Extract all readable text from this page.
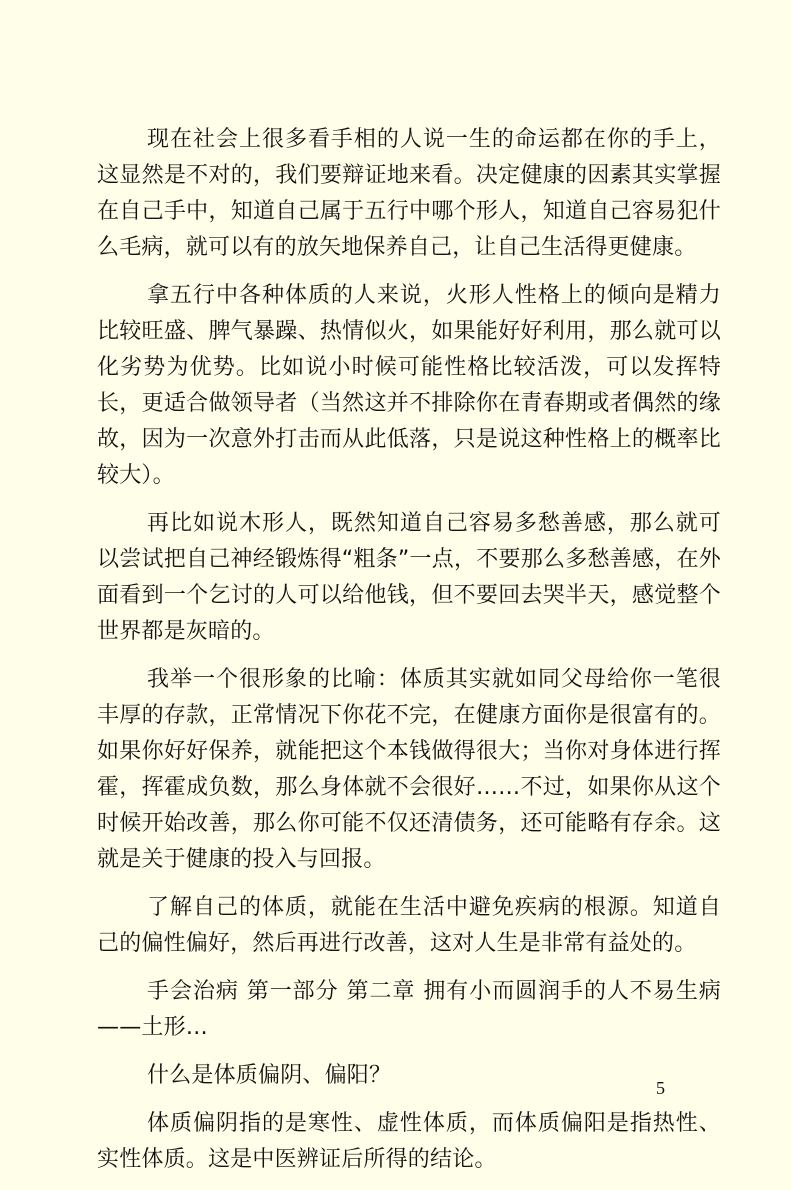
现在社会上很多看手相的人说一生的命运都在你的手上，这显然是不对的，我们要辩证地来看。决定健康的因素其实掌握在自己手中，知道自己属于五行中哪个形人，知道自己容易犯什么毛病，就可以有的放矢地保养自己，让自己生活得更健康。

拿五行中各种体质的人来说，火形人性格上的倾向是精力比较旺盛、脾气暴躁、热情似火，如果能好好利用，那么就可以化劣势为优势。比如说小时候可能性格比较活泼，可以发挥特长，更适合做领导者（当然这并不排除你在青春期或者偶然的缘故，因为一次意外打击而从此低落，只是说这种性格上的概率比较大）。

再比如说木形人，既然知道自己容易多愁善感，那么就可以尝试把自己神经锻炼得“粗条”一点，不要那么多愁善感，在外面看到一个乞讨的人可以给他钱，但不要回去哭半天，感觉整个世界都是灰暗的。

我举一个很形象的比喻：体质其实就如同父母给你一笔很丰厚的存款，正常情况下你花不完，在健康方面你是很富有的。如果你好好保养，就能把这个本钱做得很大；当你对身体进行挥霍，挥霍成负数，那么身体就不会很好……不过，如果你从这个时候开始改善，那么你可能不仅还清债务，还可能略有存余。这就是关于健康的投入与回报。

了解自己的体质，就能在生活中避免疾病的根源。知道自己的偏性偏好，然后再进行改善，这对人生是非常有益处的。

手会治病 第一部分 第二章 拥有小而圆润手的人不易生病——土形…

什么是体质偏阴、偏阳？

体质偏阴指的是寒性、虚性体质，而体质偏阳是指热性、实性体质。这是中医辨证后所得的结论。

5
